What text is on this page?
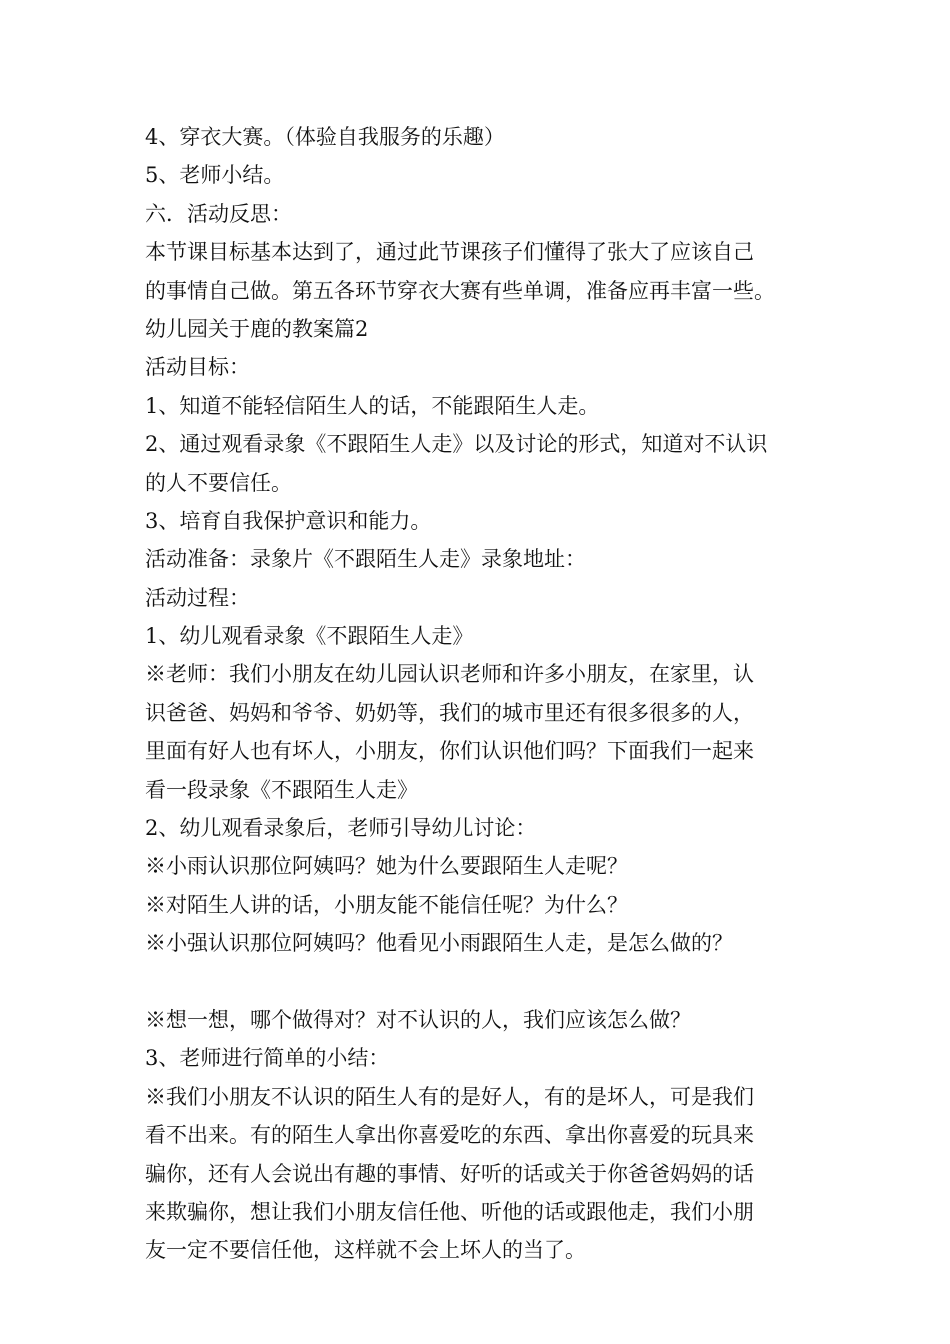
4、穿衣大赛。（体验自我服务的乐趣）
5、老师小结。
六．活动反思：
本节课目标基本达到了，通过此节课孩子们懂得了张大了应该自己
的事情自己做。第五各环节穿衣大赛有些单调，准备应再丰富一些。
幼儿园关于鹿的教案篇2
活动目标：
1、知道不能轻信陌生人的话，不能跟陌生人走。
2、通过观看录象《不跟陌生人走》以及讨论的形式，知道对不认识
的人不要信任。
3、培育自我保护意识和能力。
活动准备：录象片《不跟陌生人走》录象地址：
活动过程：
1、幼儿观看录象《不跟陌生人走》
※老师：我们小朋友在幼儿园认识老师和许多小朋友，在家里，认
识爸爸、妈妈和爷爷、奶奶等，我们的城市里还有很多很多的人，
里面有好人也有坏人，小朋友，你们认识他们吗？下面我们一起来
看一段录象《不跟陌生人走》
2、幼儿观看录象后，老师引导幼儿讨论：
※小雨认识那位阿姨吗？她为什么要跟陌生人走呢？
※对陌生人讲的话，小朋友能不能信任呢？为什么？
※小强认识那位阿姨吗？他看见小雨跟陌生人走，是怎么做的？
※想一想，哪个做得对？对不认识的人，我们应该怎么做？
3、老师进行简单的小结：
※我们小朋友不认识的陌生人有的是好人，有的是坏人，可是我们
看不出来。有的陌生人拿出你喜爱吃的东西、拿出你喜爱的玩具来
骗你，还有人会说出有趣的事情、好听的话或关于你爸爸妈妈的话
来欺骗你，想让我们小朋友信任他、听他的话或跟他走，我们小朋
友一定不要信任他，这样就不会上坏人的当了。
